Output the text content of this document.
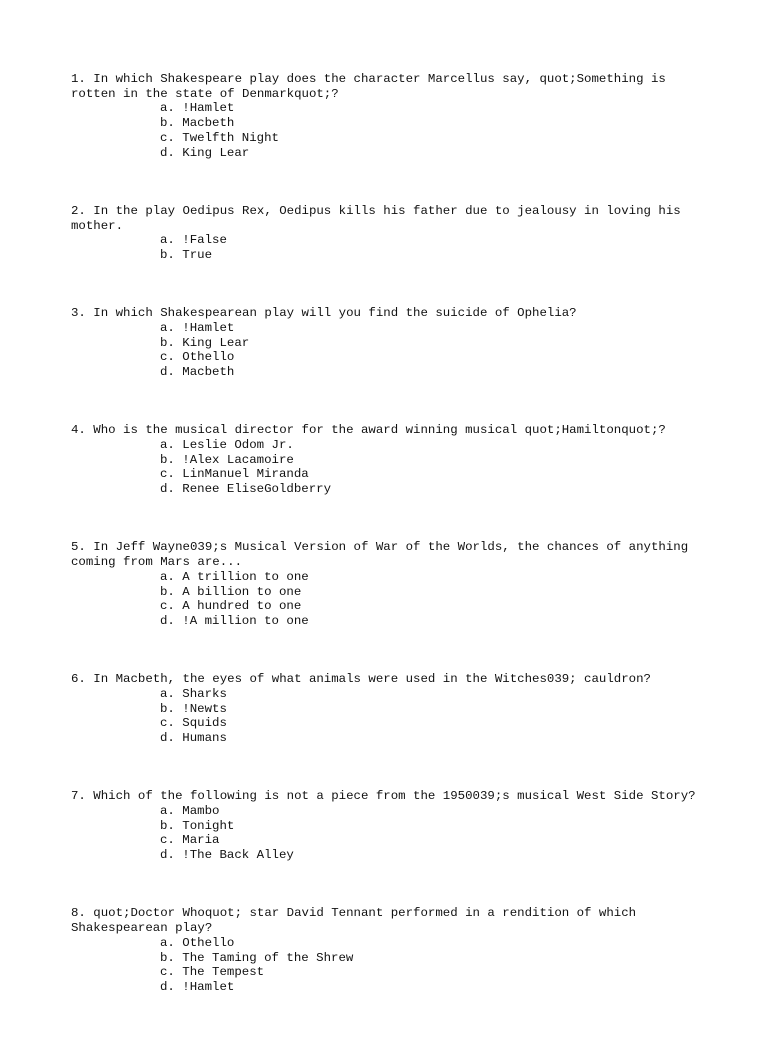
1. In which Shakespeare play does the character Marcellus say, quot;Something is rotten in the state of Denmarkquot;?

a. !Hamlet
b. Macbeth
c. Twelfth Night
d. King Lear

2. In the play Oedipus Rex, Oedipus kills his father due to jealousy in loving his mother.

a. !False
b. True

3. In which Shakespearean play will you find the suicide of Ophelia?

a. !Hamlet
b. King Lear
c. Othello
d. Macbeth

4. Who is the musical director for the award winning musical quot;Hamiltonquot;?

a. Leslie Odom Jr.
b. !Alex Lacamoire
c. LinManuel Miranda
d. Renee EliseGoldberry

5. In Jeff Wayne039;s Musical Version of War of the Worlds, the chances of anything coming from Mars are...

a. A trillion to one
b. A billion to one
c. A hundred to one
d. !A million to one

6. In Macbeth, the eyes of what animals were used in the Witches039; cauldron?

a. Sharks
b. !Newts
c. Squids
d. Humans

7. Which of the following is not a piece from the 1950039;s musical West Side Story?

a. Mambo
b. Tonight
c. Maria
d. !The Back Alley

8. quot;Doctor Whoquot; star David Tennant performed in a rendition of which Shakespearean play?

a. Othello
b. The Taming of the Shrew
c. The Tempest
d. !Hamlet
